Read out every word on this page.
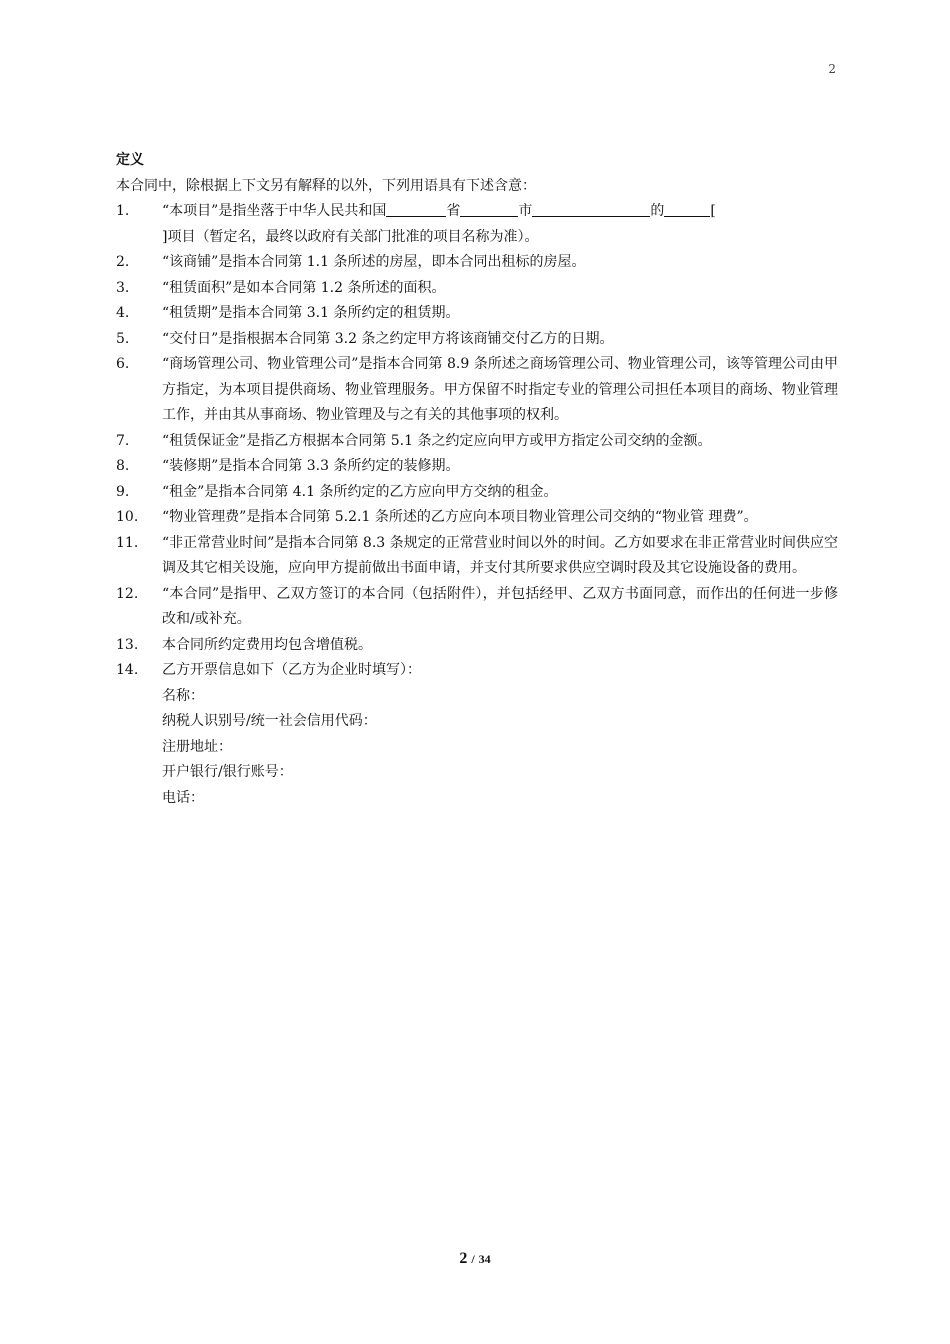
2
定义
本合同中，除根据上下文另有解释的以外，下列用语具有下述含意：
1.	“本项目”是指坐落于中华人民共和国	省	市	的	[
]项目（暂定名，最终以政府有关部门批准的项目名称为准）。
2.	“该商铺”是指本合同第 1.1 条所述的房屋，即本合同出租标的房屋。
3.	“租赁面积”是如本合同第 1.2 条所述的面积。
4.	“租赁期”是指本合同第 3.1 条所约定的租赁期。
5.	“交付日”是指根据本合同第 3.2 条之约定甲方将该商铺交付乙方的日期。
6.	“商场管理公司、物业管理公司”是指本合同第 8.9 条所述之商场管理公司、物业管理公司，该等管理公司由甲方指定，为本项目提供商场、物业管理服务。甲方保留不时指定专业的管理公司担任本项目的商场、物业管理工作，并由其从事商场、物业管理及与之有关的其他事项的权利。
7.	“租赁保证金”是指乙方根据本合同第 5.1 条之约定应向甲方或甲方指定公司交纳的金额。
8.	“装修期”是指本合同第 3.3 条所约定的装修期。
9.	“租金”是指本合同第 4.1 条所约定的乙方应向甲方交纳的租金。
10.	“物业管理费”是指本合同第 5.2.1 条所述的乙方应向本项目物业管理公司交纳的“物业管 理费”。
11.	“非正常营业时间”是指本合同第 8.3 条规定的正常营业时间以外的时间。乙方如要求在非正常营业时间供应空调及其它相关设施，应向甲方提前做出书面申请，并支付其所要求供应空调时段及其它设施设备的费用。
12.	“本合同”是指甲、乙双方签订的本合同（包括附件），并包括经甲、乙双方书面同意，而作出的任何进一步修改和/或补充。
13.	本合同所约定费用均包含增值税。
14.	乙方开票信息如下（乙方为企业时填写）：
名称：
纳税人识别号/统一社会信用代码：
注册地址：
开户银行/银行账号：
电话：
2 / 34
